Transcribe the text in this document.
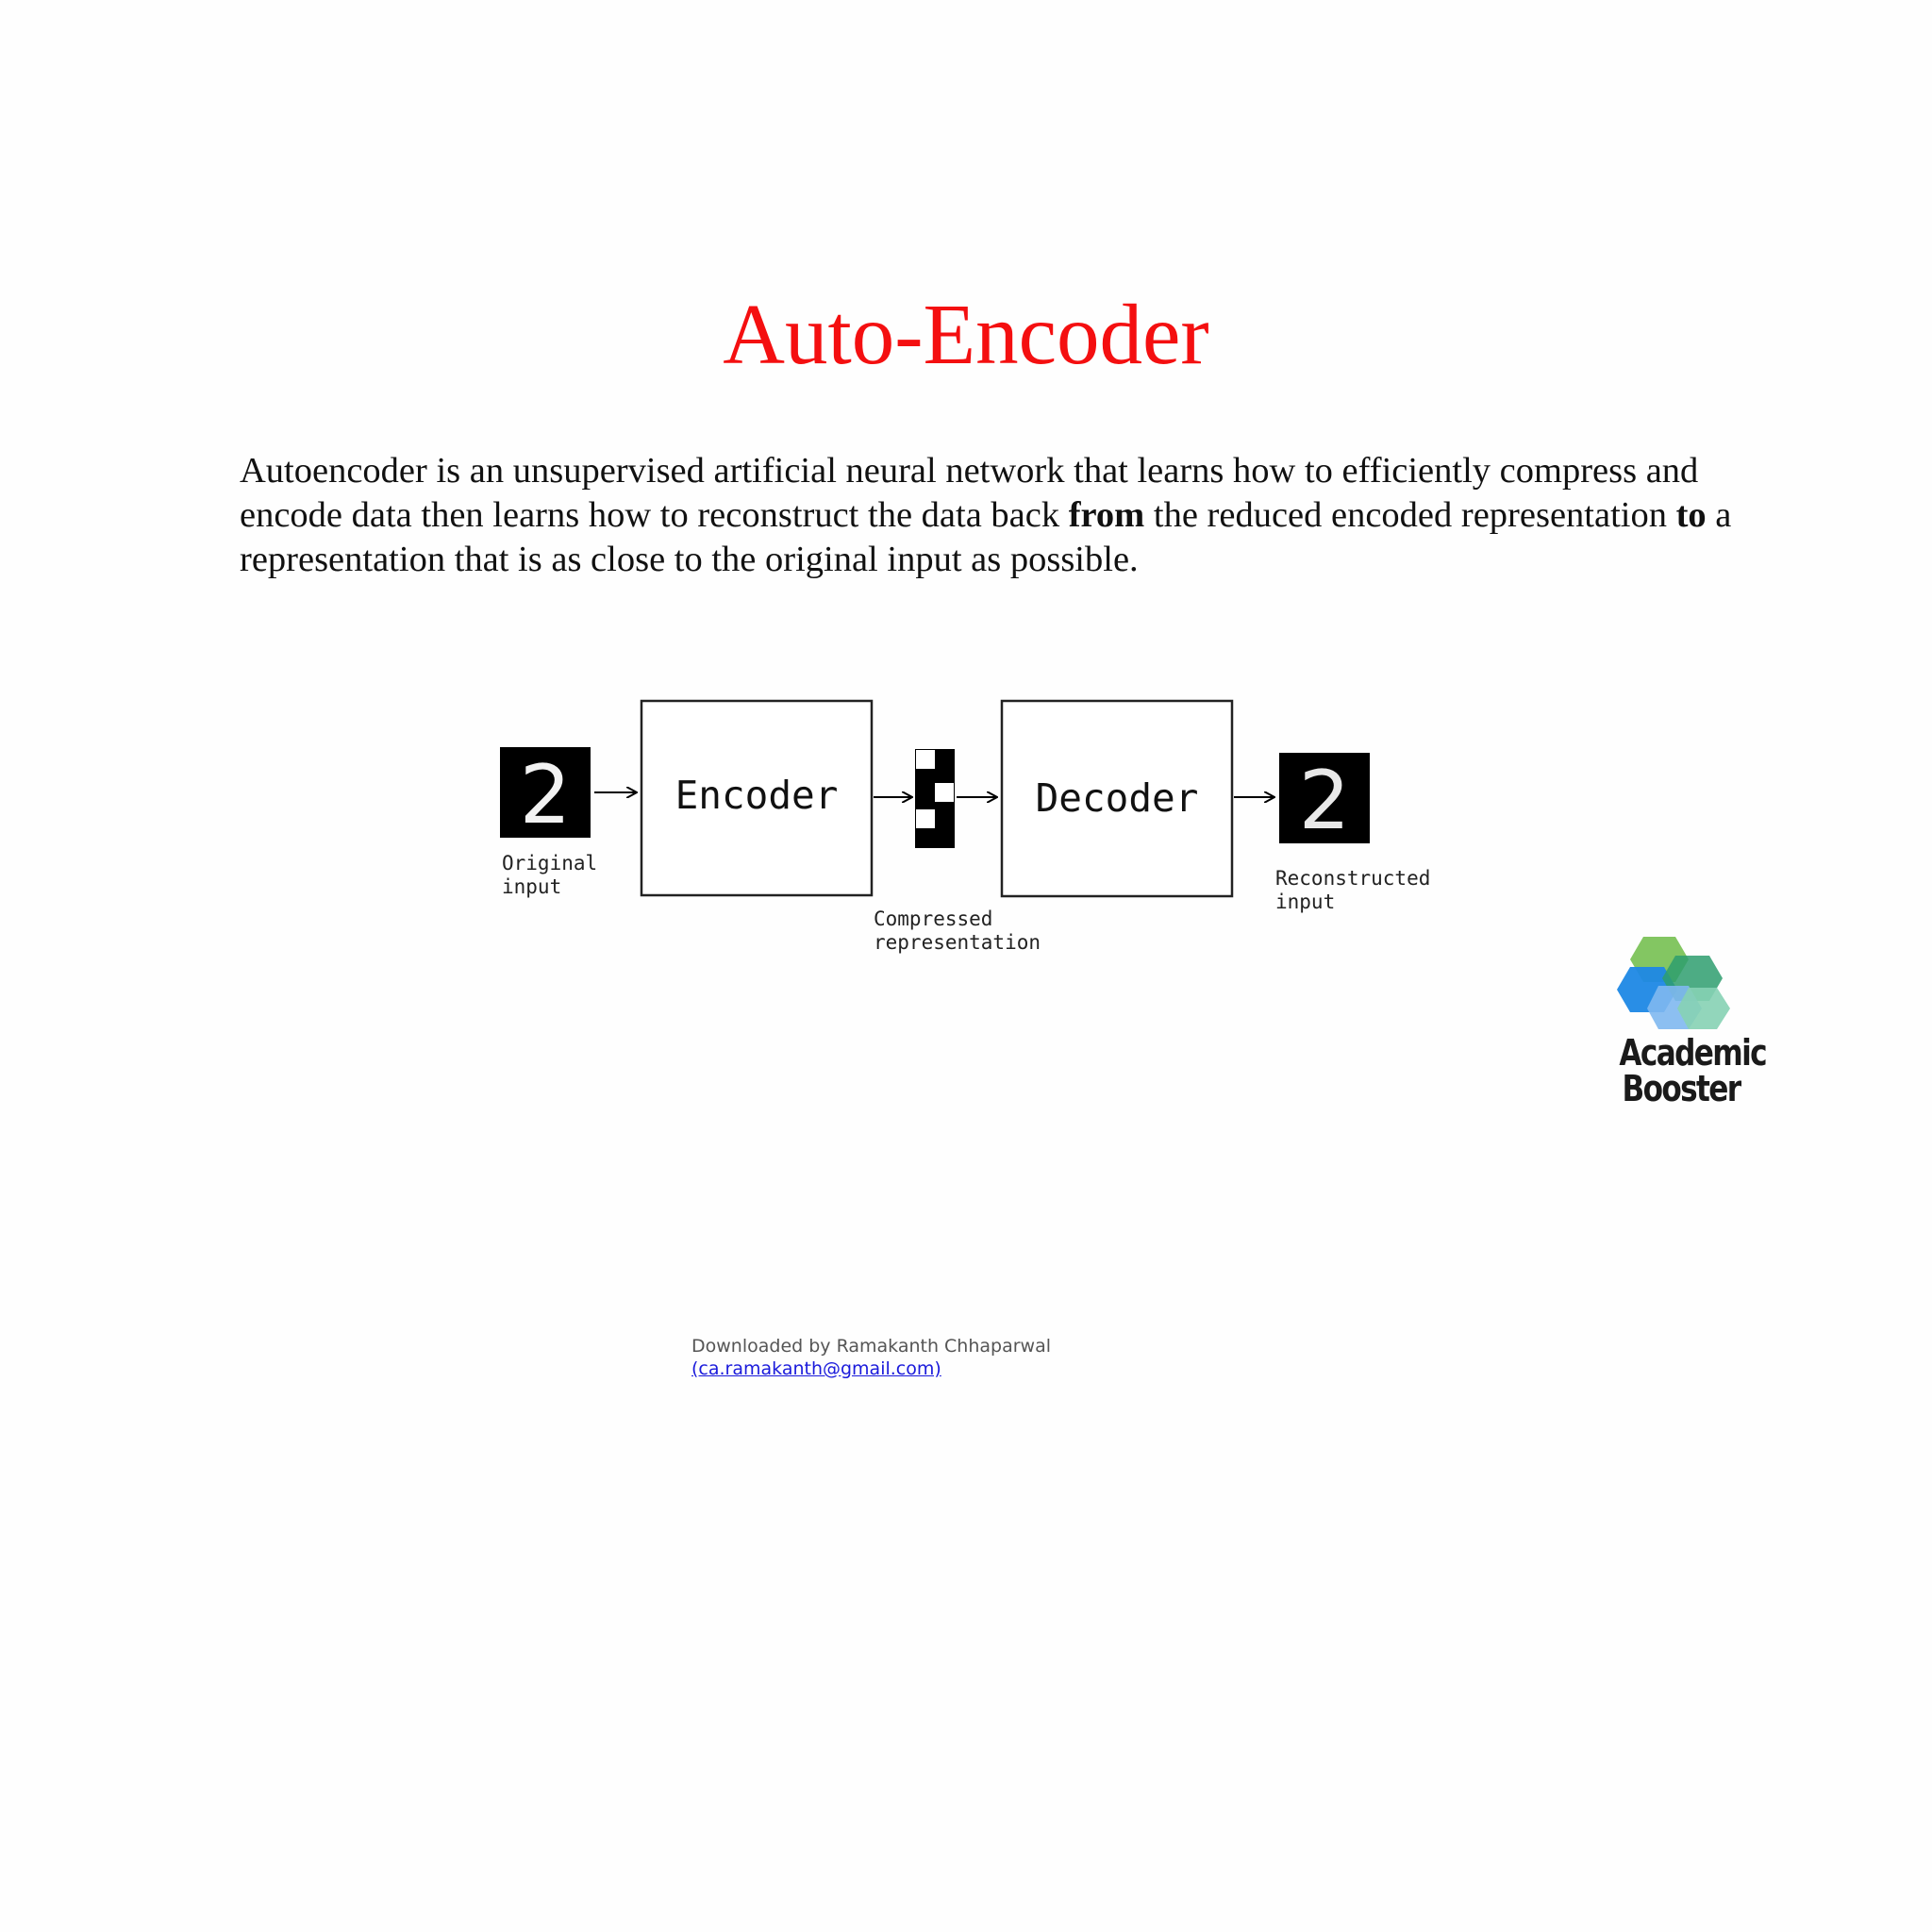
Auto-Encoder

Autoencoder is an unsupervised artificial neural network that learns how to efficiently compress and encode data then learns how to reconstruct the data back from the reduced encoded representation to a representation that is as close to the original input as possible.

2	Encoder	Decoder 2
Original
input
Compressed
representation
Reconstructed
input
Academic
Booster
Downloaded by Ramakanth Chhaparwal
(ca.ramakanth@gmail.com)
